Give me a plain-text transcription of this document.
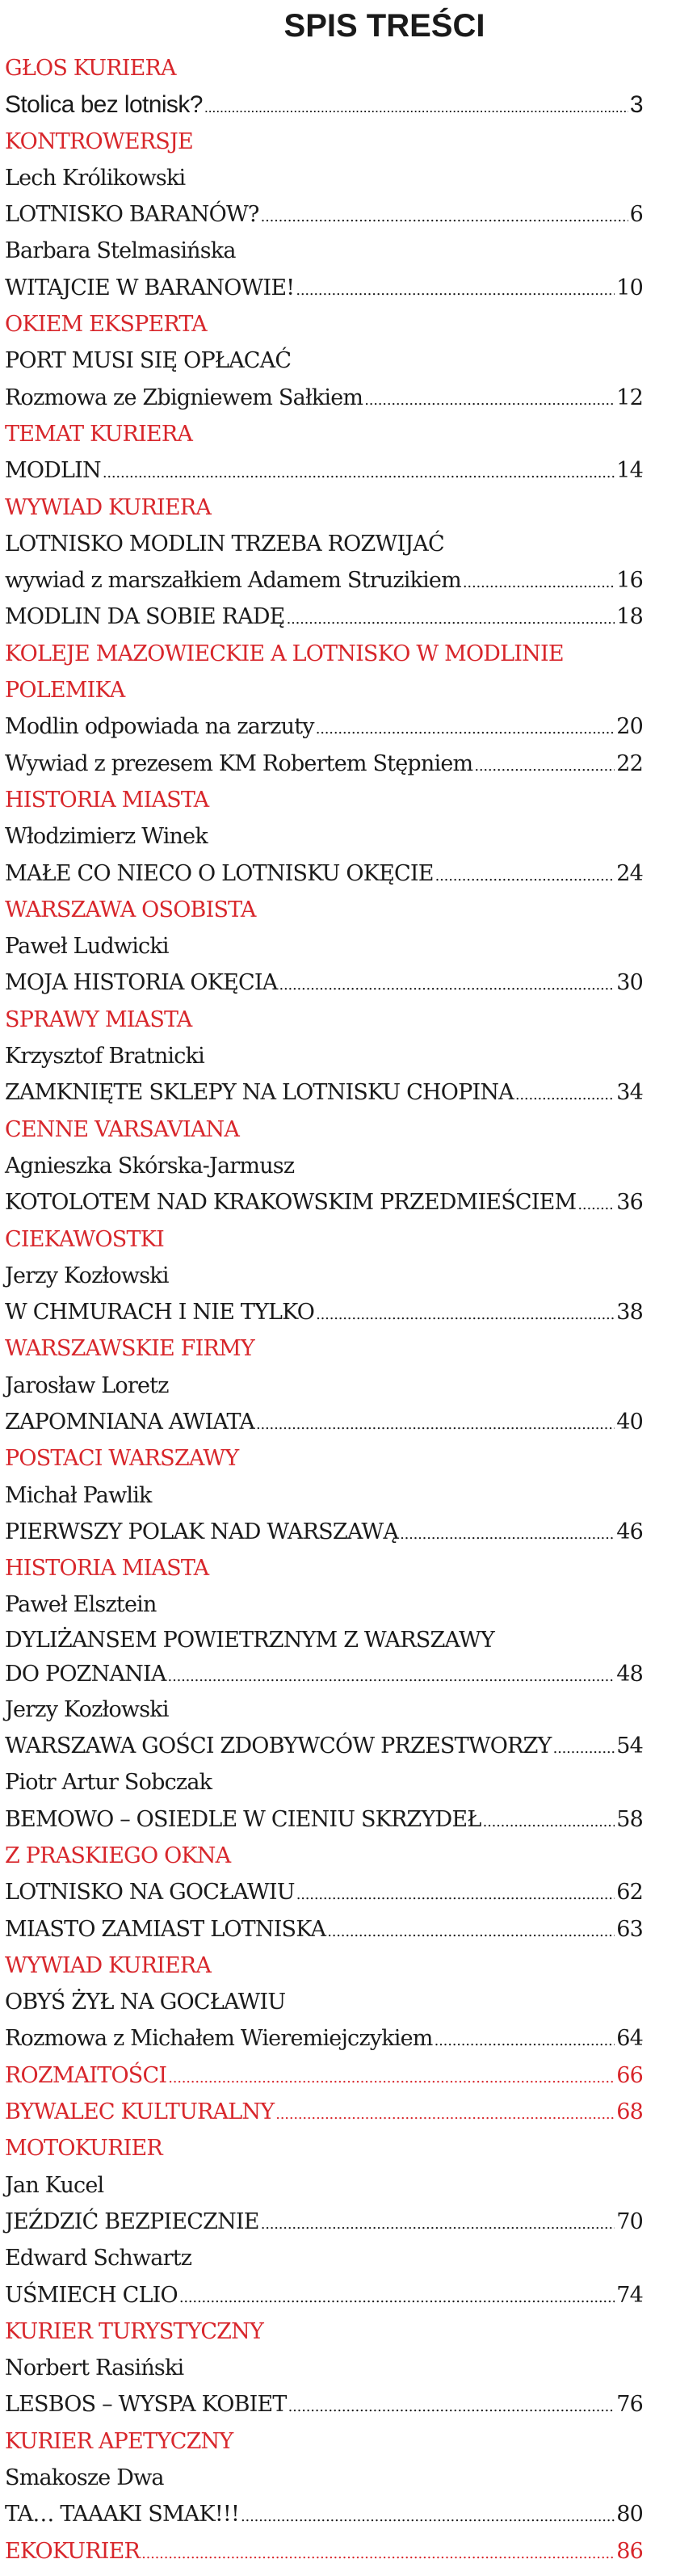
SPIS TREŚCI
GŁOS KURIERA
Stolica bez lotnisk? .....	3
KONTROWERSJE
Lech Królikowski
LOTNISKO BARANÓW? .....	6
Barbara Stelmasińska
WITAJCIE W BARANOWIE! .....	10
OKIEM EKSPERTA
PORT MUSI SIĘ OPŁACAĆ
Rozmowa ze Zbigniewem Sałkiem .....	12
TEMAT KURIERA
MODLIN .....	14
WYWIAD KURIERA
LOTNISKO MODLIN TRZEBA ROZWIJAĆ
wywiad z marszałkiem Adamem Struzikiem .....	16
MODLIN DA SOBIE RADĘ .....	18
KOLEJE MAZOWIECKIE A LOTNISKO W MODLINIE
POLEMIKA
Modlin odpowiada na zarzuty .....	20
Wywiad z prezesem KM Robertem Stępniem .....	22
HISTORIA MIASTA
Włodzimierz Winek
MAŁE CO NIECO O LOTNISKU OKĘCIE .....	24
WARSZAWA OSOBISTA
Paweł Ludwicki
MOJA HISTORIA OKĘCIA .....	30
SPRAWY MIASTA
Krzysztof Bratnicki
ZAMKNIĘTE SKLEPY NA LOTNISKU CHOPINA .....	34
CENNE VARSAVIANA
Agnieszka Skórska-Jarmusz
KOTOLOTEM NAD KRAKOWSKIM PRZEDMIEŚCIEM ..... 36
CIEKAWOSTKI
Jerzy Kozłowski
W CHMURACH I NIE TYLKO .....	38
WARSZAWSKIE FIRMY
Jarosław Loretz
ZAPOMNIANA AWIATA .....	40
POSTACI WARSZAWY
Michał Pawlik
PIERWSZY POLAK NAD WARSZAWĄ .....	46
HISTORIA MIASTA
Paweł Elsztein
DYLIŻANSEM POWIETRZNYM Z WARSZAWY
DO POZNANIA .....	48
Jerzy Kozłowski
WARSZAWA GOŚCI ZDOBYWCÓW PRZESTWORZY .....	54
Piotr Artur Sobczak
BEMOWO – OSIEDLE W CIENIU SKRZYDEŁ .....	58
Z PRASKIEGO OKNA
LOTNISKO NA GOCŁAWIU .....	62
MIASTO ZAMIAST LOTNISKA .....	63
WYWIAD KURIERA
OBYŚ ŻYŁ NA GOCŁAWIU
Rozmowa z Michałem Wieremiejczykiem .....	64
ROZMAITOŚCI .....	66
BYWALEC KULTURALNY .....	68
MOTOKURIER
Jan Kucel
JEŹDZIĆ BEZPIECZNIE .....	70
Edward Schwartz
UŚMIECH CLIO .....	74
KURIER TURYSTYCZNY
Norbert Rasiński
LESBOS – WYSPA KOBIET .....	76
KURIER APETYCZNY
Smakosze Dwa
TA… TAAAKI SMAK!!! .....	80
EKOKURIER .....	86
